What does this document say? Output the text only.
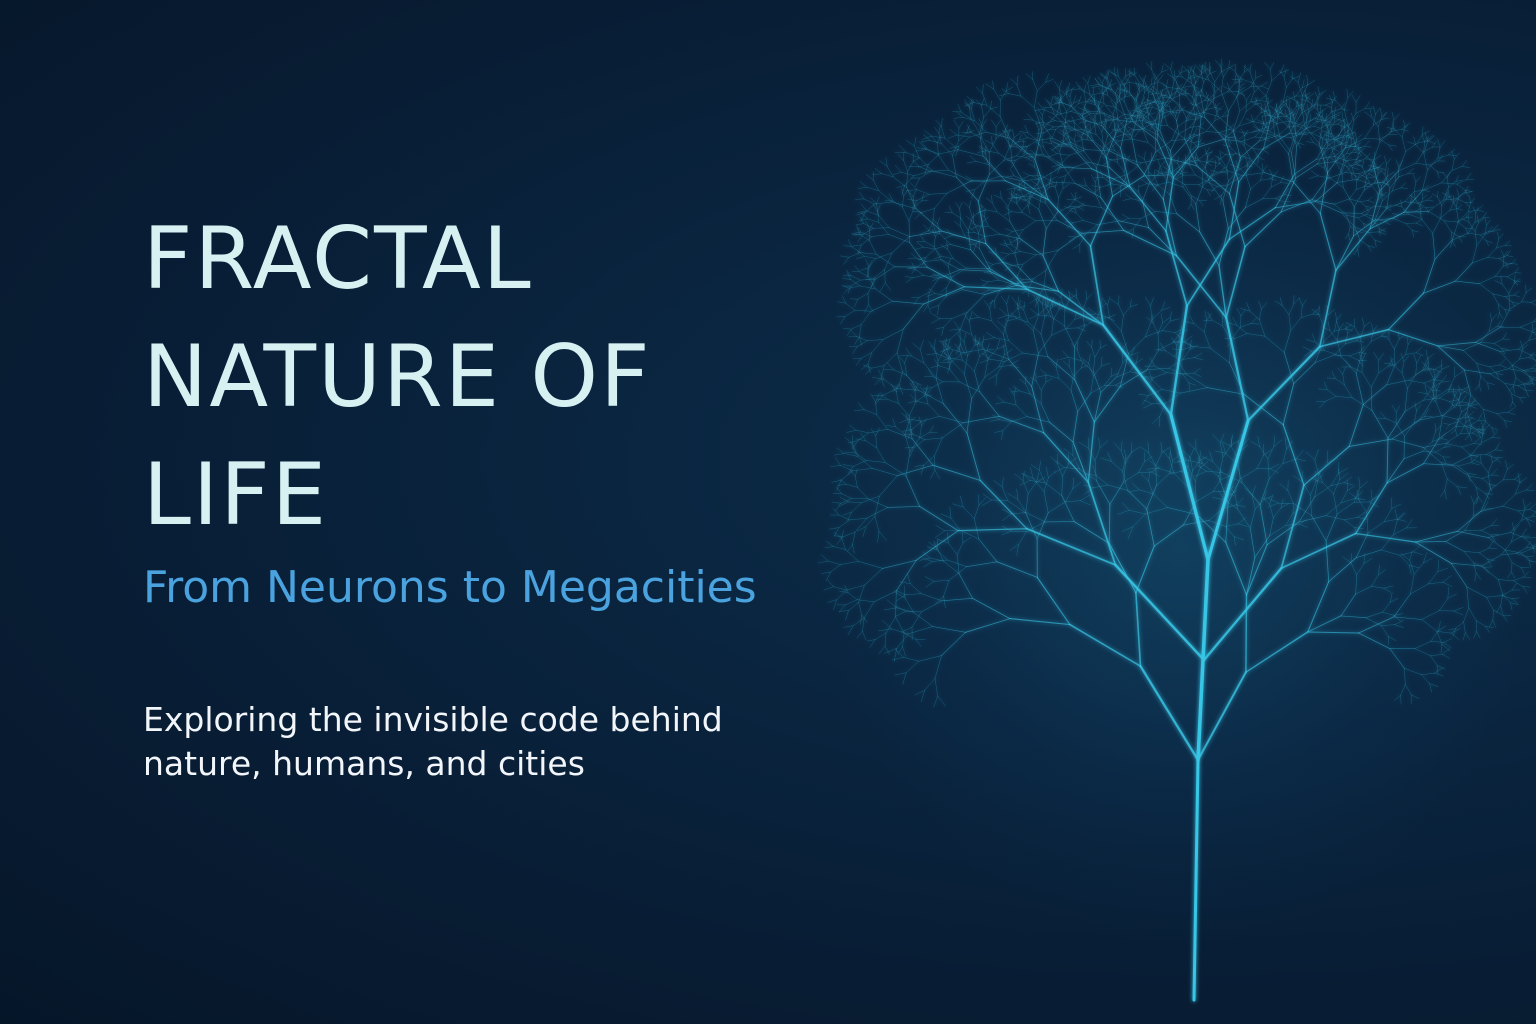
FRACTAL
NATURE OF
LIFE
From Neurons to Megacities
Exploring the invisible code behind
nature, humans, and cities
